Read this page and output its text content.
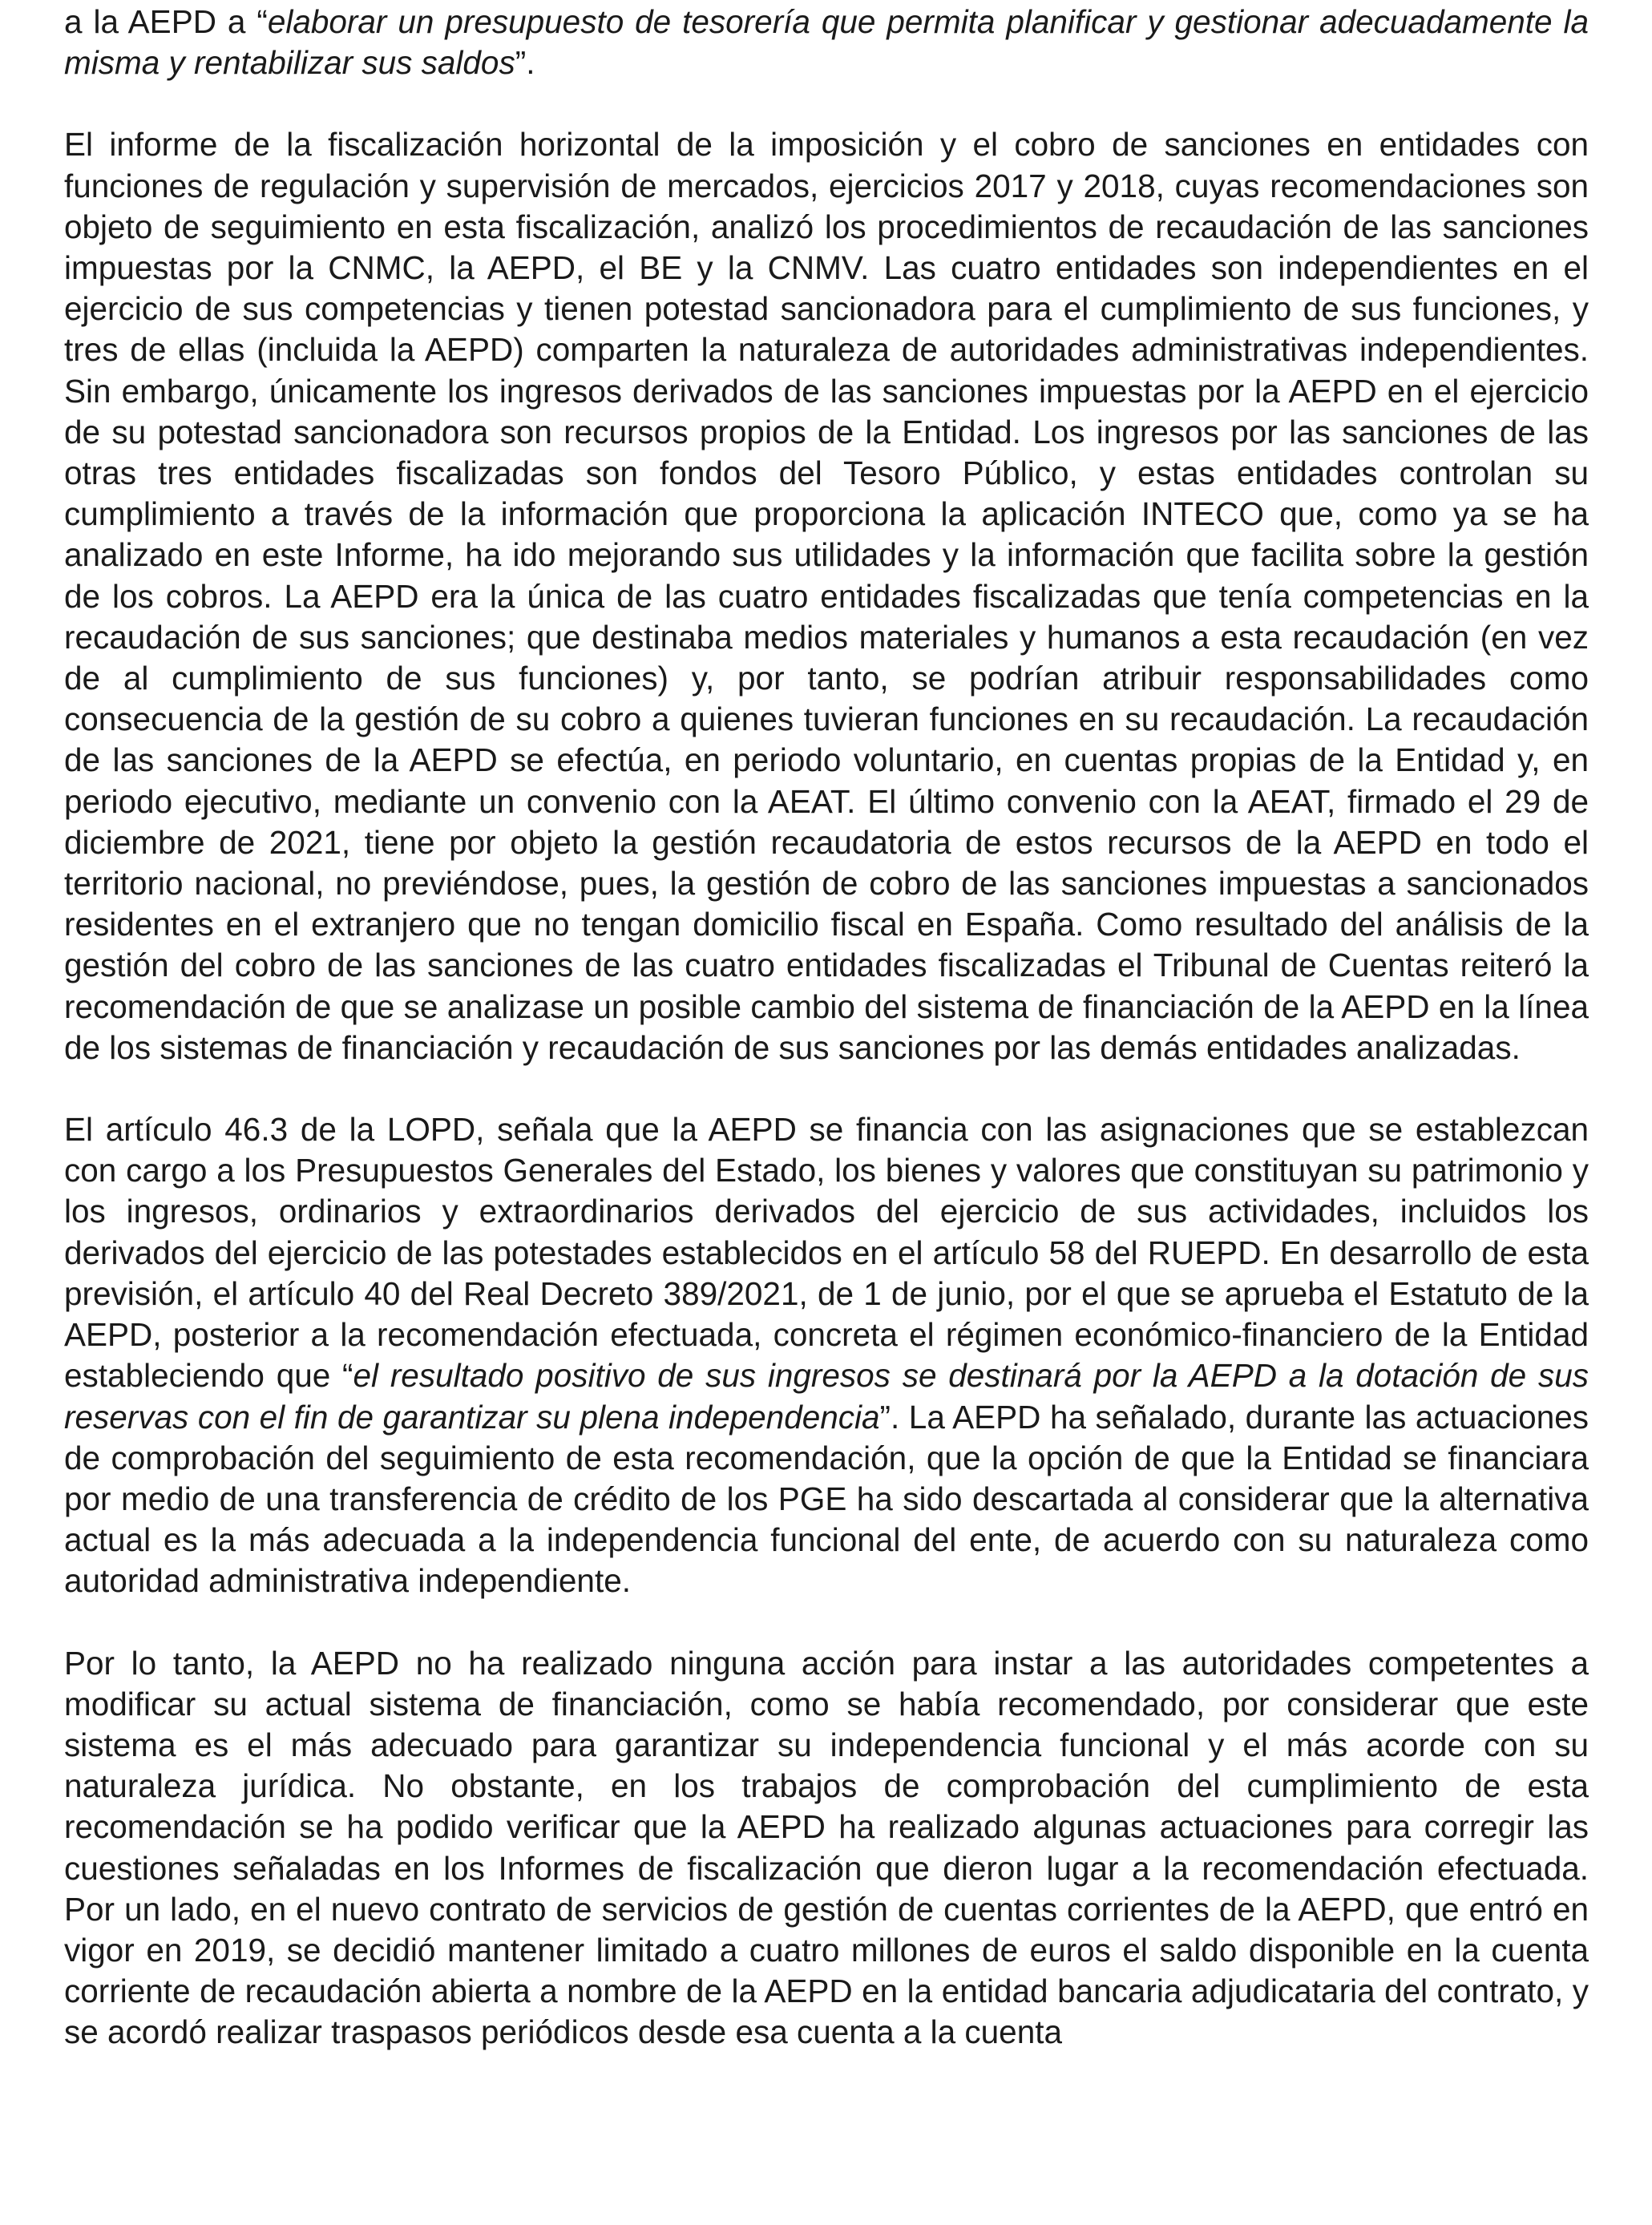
a la AEPD a “elaborar un presupuesto de tesorería que permita planificar y gestionar adecuadamente la misma y rentabilizar sus saldos”.

El informe de la fiscalización horizontal de la imposición y el cobro de sanciones en entidades con funciones de regulación y supervisión de mercados, ejercicios 2017 y 2018, cuyas recomendaciones son objeto de seguimiento en esta fiscalización, analizó los procedimientos de recaudación de las sanciones impuestas por la CNMC, la AEPD, el BE y la CNMV. Las cuatro entidades son independientes en el ejercicio de sus competencias y tienen potestad sancionadora para el cumplimiento de sus funciones, y tres de ellas (incluida la AEPD) comparten la naturaleza de autoridades administrativas independientes. Sin embargo, únicamente los ingresos derivados de las sanciones impuestas por la AEPD en el ejercicio de su potestad sancionadora son recursos propios de la Entidad. Los ingresos por las sanciones de las otras tres entidades fiscalizadas son fondos del Tesoro Público, y estas entidades controlan su cumplimiento a través de la información que proporciona la aplicación INTECO que, como ya se ha analizado en este Informe, ha ido mejorando sus utilidades y la información que facilita sobre la gestión de los cobros. La AEPD era la única de las cuatro entidades fiscalizadas que tenía competencias en la recaudación de sus sanciones; que destinaba medios materiales y humanos a esta recaudación (en vez de al cumplimiento de sus funciones) y, por tanto, se podrían atribuir responsabilidades como consecuencia de la gestión de su cobro a quienes tuvieran funciones en su recaudación. La recaudación de las sanciones de la AEPD se efectúa, en periodo voluntario, en cuentas propias de la Entidad y, en periodo ejecutivo, mediante un convenio con la AEAT. El último convenio con la AEAT, firmado el 29 de diciembre de 2021, tiene por objeto la gestión recaudatoria de estos recursos de la AEPD en todo el territorio nacional, no previéndose, pues, la gestión de cobro de las sanciones impuestas a sancionados residentes en el extranjero que no tengan domicilio fiscal en España. Como resultado del análisis de la gestión del cobro de las sanciones de las cuatro entidades fiscalizadas el Tribunal de Cuentas reiteró la recomendación de que se analizase un posible cambio del sistema de financiación de la AEPD en la línea de los sistemas de financiación y recaudación de sus sanciones por las demás entidades analizadas.

El artículo 46.3 de la LOPD, señala que la AEPD se financia con las asignaciones que se establezcan con cargo a los Presupuestos Generales del Estado, los bienes y valores que constituyan su patrimonio y los ingresos, ordinarios y extraordinarios derivados del ejercicio de sus actividades, incluidos los derivados del ejercicio de las potestades establecidos en el artículo 58 del RUEPD. En desarrollo de esta previsión, el artículo 40 del Real Decreto 389/2021, de 1 de junio, por el que se aprueba el Estatuto de la AEPD, posterior a la recomendación efectuada, concreta el régimen económico-financiero de la Entidad estableciendo que “el resultado positivo de sus ingresos se destinará por la AEPD a la dotación de sus reservas con el fin de garantizar su plena independencia”. La AEPD ha señalado, durante las actuaciones de comprobación del seguimiento de esta recomendación, que la opción de que la Entidad se financiara por medio de una transferencia de crédito de los PGE ha sido descartada al considerar que la alternativa actual es la más adecuada a la independencia funcional del ente, de acuerdo con su naturaleza como autoridad administrativa independiente.

Por lo tanto, la AEPD no ha realizado ninguna acción para instar a las autoridades competentes a modificar su actual sistema de financiación, como se había recomendado, por considerar que este sistema es el más adecuado para garantizar su independencia funcional y el más acorde con su naturaleza jurídica. No obstante, en los trabajos de comprobación del cumplimiento de esta recomendación se ha podido verificar que la AEPD ha realizado algunas actuaciones para corregir las cuestiones señaladas en los Informes de fiscalización que dieron lugar a la recomendación efectuada. Por un lado, en el nuevo contrato de servicios de gestión de cuentas corrientes de la AEPD, que entró en vigor en 2019, se decidió mantener limitado a cuatro millones de euros el saldo disponible en la cuenta corriente de recaudación abierta a nombre de la AEPD en la entidad bancaria adjudicataria del contrato, y se acordó realizar traspasos periódicos desde esa cuenta a la cuenta
